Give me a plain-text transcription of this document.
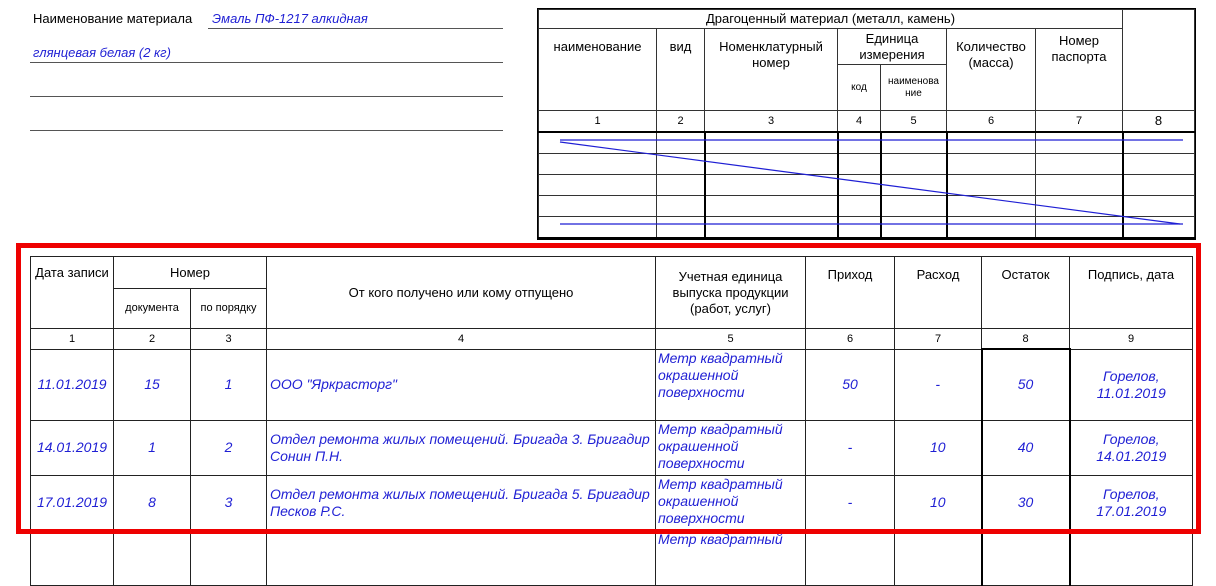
Наименование материала Эмаль ПФ-1217 алкидная
глянцевая белая (2 кг)
Драгоценный материал (металл, камень)							
наименование	вид	Номенклатурный номер	Единица измерения		Количество (масса)	Номер паспорта	
			код	наименова ние			
1	2	3	4	5	6	7	8

Дата записи	Номер		От кого получено или кому отпущено	Учетная единица выпуска продукции (работ, услуг)	Приход	Расход	Остаток	Подпись, дата
	документа	по порядку						
1	2	3	4	5	6	7	8	9
11.01.2019	15	1	ООО "Яркрасторг"	Метр квадратный окрашенной поверхности	50	-	50	Горелов, 11.01.2019
14.01.2019	1	2	Отдел ремонта жилых помещений. Бригада 3. Бригадир Сонин П.Н.	Метр квадратный окрашенной поверхности	-	10	40	Горелов, 14.01.2019
17.01.2019	8	3	Отдел ремонта жилых помещений. Бригада 5. Бригадир Песков Р.С.	Метр квадратный окрашенной поверхности	-	10	30	Горелов, 17.01.2019
				Метр квадратный				
